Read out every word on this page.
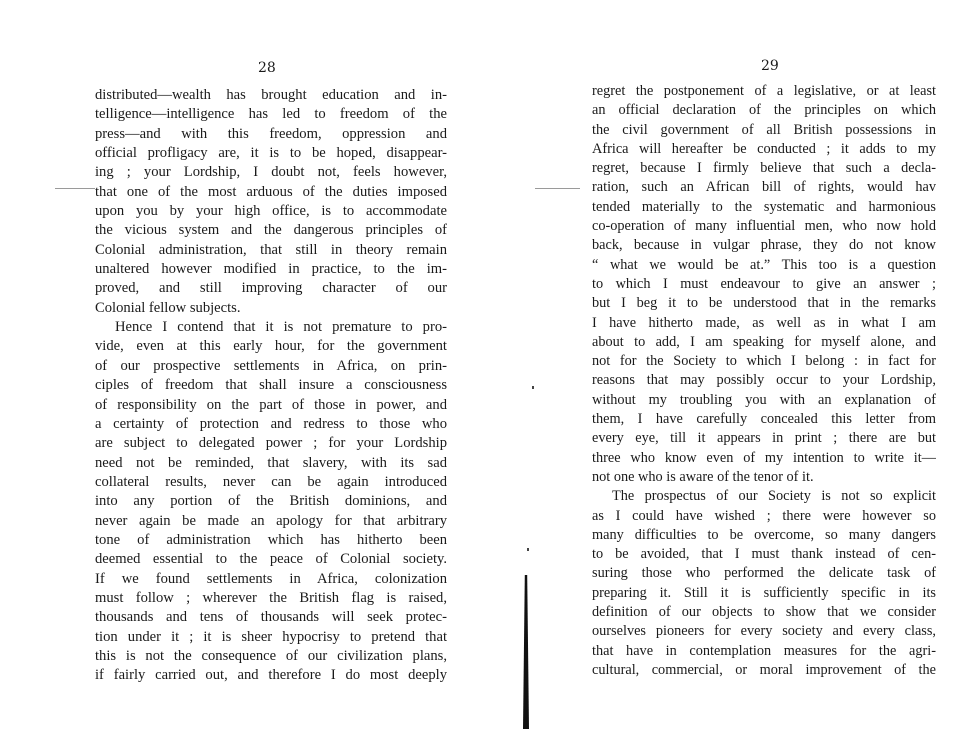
28
distributed—wealth has brought education and in-
telligence—intelligence has led to freedom of the
press—and with this freedom, oppression and
official profligacy are, it is to be hoped, disappear-
ing ; your Lordship, I doubt not, feels however,
that one of the most arduous of the duties imposed
upon you by your high office, is to accommodate
the vicious system and the dangerous principles of
Colonial administration, that still in theory remain
unaltered however modified in practice, to the im-
proved, and still improving character of our
Colonial fellow subjects.
Hence I contend that it is not premature to pro-
vide, even at this early hour, for the government
of our prospective settlements in Africa, on prin-
ciples of freedom that shall insure a consciousness
of responsibility on the part of those in power, and
a certainty of protection and redress to those who
are subject to delegated power ; for your Lordship
need not be reminded, that slavery, with its sad
collateral results, never can be again introduced
into any portion of the British dominions, and
never again be made an apology for that arbitrary
tone of administration which has hitherto been
deemed essential to the peace of Colonial society.
If we found settlements in Africa, colonization
must follow ; wherever the British flag is raised,
thousands and tens of thousands will seek protec-
tion under it ; it is sheer hypocrisy to pretend that
this is not the consequence of our civilization plans,
if fairly carried out, and therefore I do most deeply
29
regret the postponement of a legislative, or at least
an official declaration of the principles on which
the civil government of all British possessions in
Africa will hereafter be conducted ; it adds to my
regret, because I firmly believe that such a decla-
ration, such an African bill of rights, would hav
tended materially to the systematic and harmonious
co-operation of many influential men, who now hold
back, because in vulgar phrase, they do not know
“ what we would be at.” This too is a question
to which I must endeavour to give an answer ;
but I beg it to be understood that in the remarks
I have hitherto made, as well as in what I am
about to add, I am speaking for myself alone, and
not for the Society to which I belong : in fact for
reasons that may possibly occur to your Lordship,
without my troubling you with an explanation of
them, I have carefully concealed this letter from
every eye, till it appears in print ; there are but
three who know even of my intention to write it—
not one who is aware of the tenor of it.
The prospectus of our Society is not so explicit
as I could have wished ; there were however so
many difficulties to be overcome, so many dangers
to be avoided, that I must thank instead of cen-
suring those who performed the delicate task of
preparing it. Still it is sufficiently specific in its
definition of our objects to show that we consider
ourselves pioneers for every society and every class,
that have in contemplation measures for the agri-
cultural, commercial, or moral improvement of the
